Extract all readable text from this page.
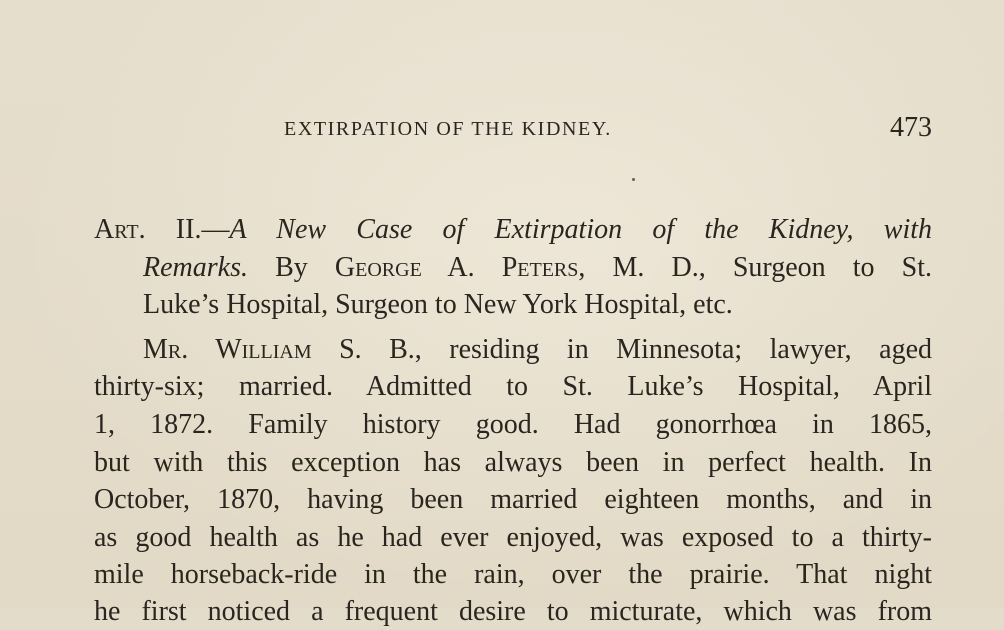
EXTIRPATION OF THE KIDNEY.	473
Art. II.—A New Case of Extirpation of the Kidney, with
Remarks. By George A. Peters, M. D., Surgeon to St.
Luke’s Hospital, Surgeon to New York Hospital, etc.
Mr. William S. B., residing in Minnesota; lawyer, aged
thirty-six; married. Admitted to St. Luke’s Hospital, April
1, 1872. Family history good. Had gonorrhœa in 1865,
but with this exception has always been in perfect health. In
October, 1870, having been married eighteen months, and in
as good health as he had ever enjoyed, was exposed to a thirty-
mile horseback-ride in the rain, over the prairie. That night
he first noticed a frequent desire to micturate, which was from
